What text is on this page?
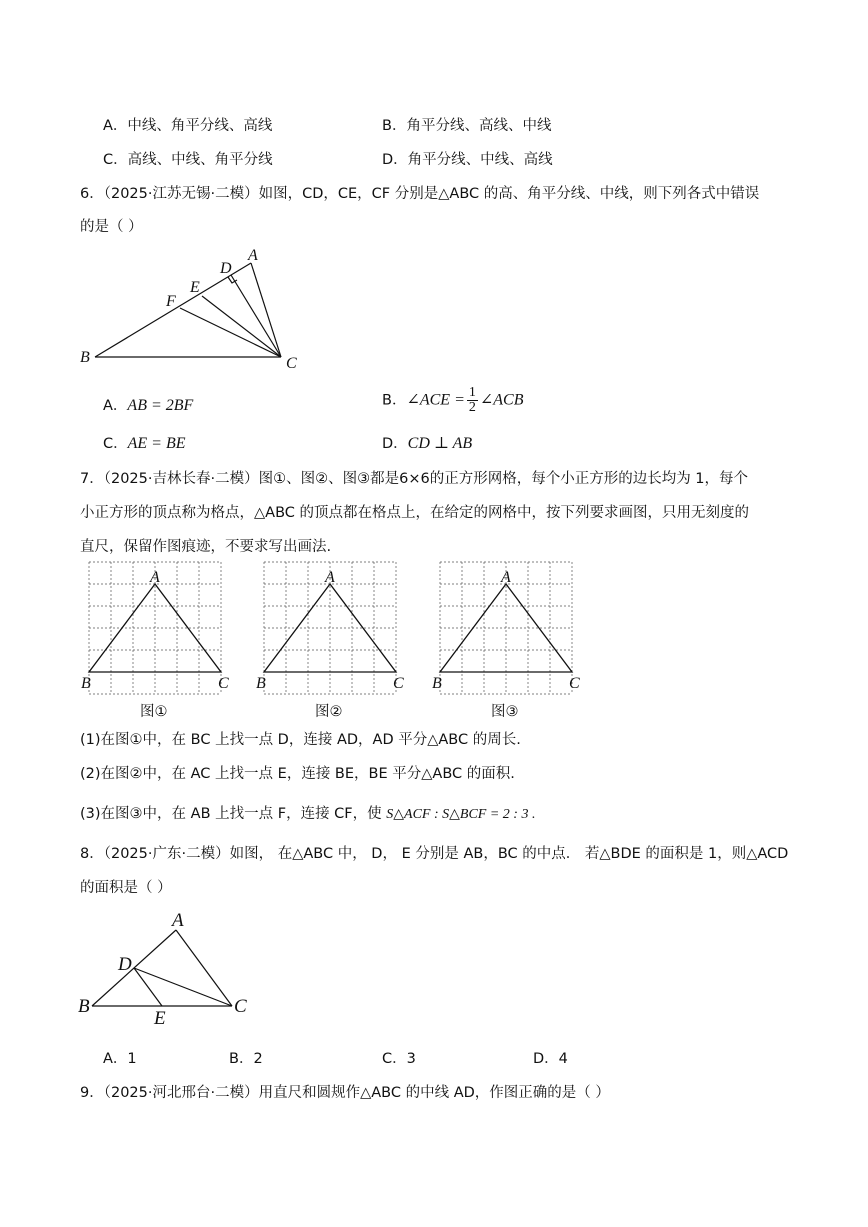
A．中线、角平分线、高线	B．角平分线、高线、中线
C．高线、中线、角平分线	D．角平分线、中线、高线
6．（2025·江苏无锡·二模）如图，CD，CE，CF 分别是△ABC 的高、角平分线、中线，则下列各式中错误
的是（ ）
A
B	C
D
E
F
A．AB = 2BF	B．∠ACE = $\frac{1}{2}$ ∠ACB
C．AE = BE	D．CD ⊥ AB
7．（2025·吉林长春·二模）图①、图②、图③都是6×6的正方形网格，每个小正方形的边长均为 1，每个
小正方形的顶点称为格点，△ABC 的顶点都在格点上，在给定的网格中，按下列要求画图，只用无刻度的
直尺，保留作图痕迹，不要求写出画法.
A
B	C
A
B	C
A
B	C
图①	图②	图③
(1)在图①中，在 BC 上找一点 D，连接 AD，AD 平分△ABC 的周长.
(2)在图②中，在 AC 上找一点 E，连接 BE，BE 平分△ABC 的面积.
(3)在图③中，在 AB 上找一点 F，连接 CF，使 S△ACF : S△BCF = 2 : 3 .
8．（2025·广东·二模）如图， 在△ABC 中， D， E 分别是 AB，BC 的中点． 若△BDE 的面积是 1，则△ACD
的面积是（ ）
A
B	C
D
E
A．1	B．2	C．3	D．4
9．（2025·河北邢台·二模）用直尺和圆规作△ABC 的中线 AD，作图正确的是（ ）
